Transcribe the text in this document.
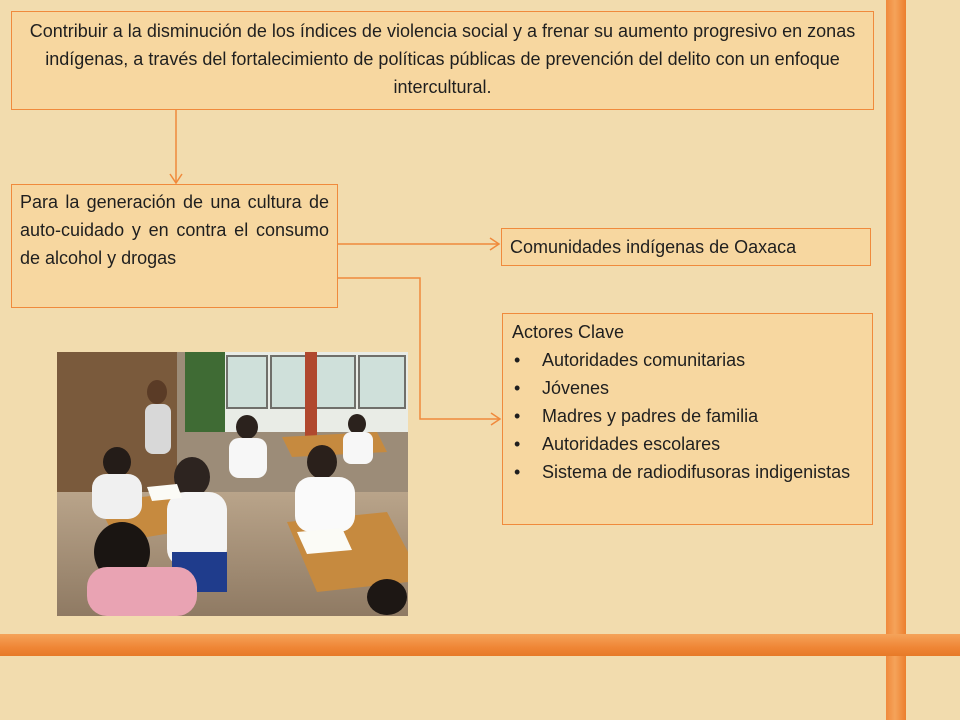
Contribuir a la disminución de los índices de violencia social y a frenar su aumento progresivo en zonas indígenas, a través del fortalecimiento de políticas públicas de prevención del delito con un enfoque intercultural.
Para la generación de una cultura de auto-cuidado y en contra el consumo de alcohol y drogas
Comunidades indígenas de Oaxaca
Actores Clave
• Autoridades comunitarias
• Jóvenes
• Madres y padres de familia
• Autoridades escolares
• Sistema de radiodifusoras indigenistas
